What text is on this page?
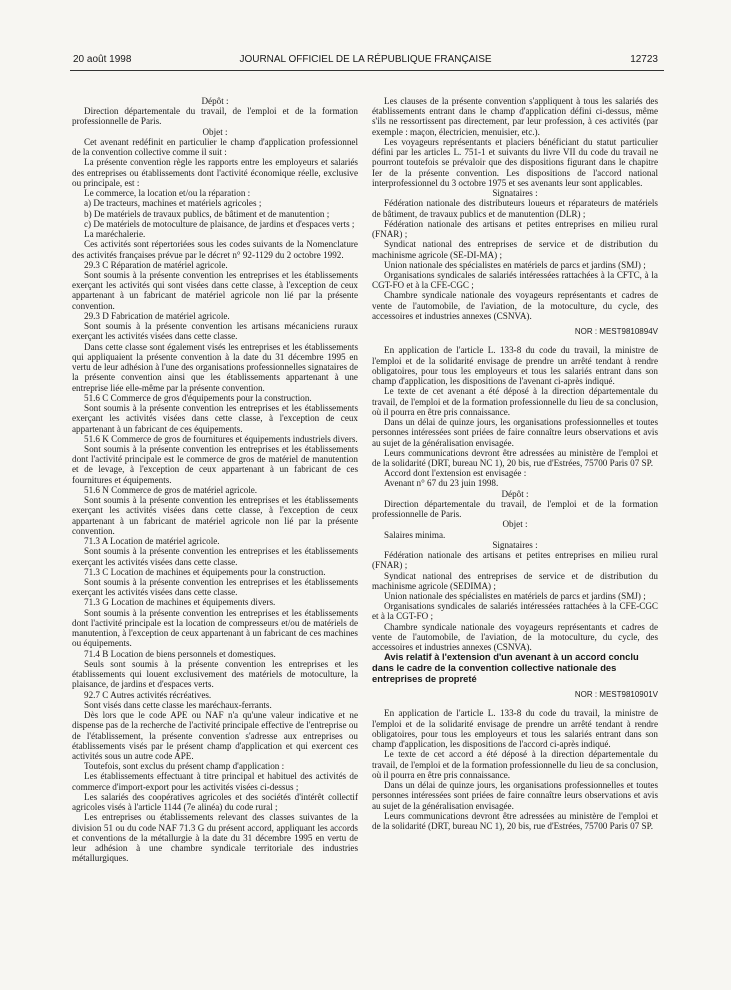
20 août 1998	JOURNAL OFFICIEL DE LA RÉPUBLIQUE FRANÇAISE	12723

Dépôt :

Direction départementale du travail, de l'emploi et de la formation professionnelle de Paris.

Objet :

Cet avenant redéfinit en particulier le champ d'application professionnel de la convention collective comme il suit :

La présente convention règle les rapports entre les employeurs et salariés des entreprises ou établissements dont l'activité économique réelle, exclusive ou principale, est :

Le commerce, la location et/ou la réparation :

a) De tracteurs, machines et matériels agricoles ;

b) De matériels de travaux publics, de bâtiment et de manutention ;

c) De matériels de motoculture de plaisance, de jardins et d'espaces verts ;

La maréchalerie.

Ces activités sont répertoriées sous les codes suivants de la Nomenclature des activités françaises prévue par le décret n° 92-1129 du 2 octobre 1992.

29.3 C Réparation de matériel agricole.

Sont soumis à la présente convention les entreprises et les établissements exerçant les activités qui sont visées dans cette classe, à l'exception de ceux appartenant à un fabricant de matériel agricole non lié par la présente convention.

29.3 D Fabrication de matériel agricole.

Sont soumis à la présente convention les artisans mécaniciens ruraux exerçant les activités visées dans cette classe.

Dans cette classe sont également visés les entreprises et les établissements qui appliquaient la présente convention à la date du 31 décembre 1995 en vertu de leur adhésion à l'une des organisations professionnelles signataires de la présente convention ainsi que les établissements appartenant à une entreprise liée elle-même par la présente convention.

51.6 C Commerce de gros d'équipements pour la construction.

Sont soumis à la présente convention les entreprises et les établissements exerçant les activités visées dans cette classe, à l'exception de ceux appartenant à un fabricant de ces équipements.

51.6 K Commerce de gros de fournitures et équipements industriels divers.

Sont soumis à la présente convention les entreprises et les établissements dont l'activité principale est le commerce de gros de matériel de manutention et de levage, à l'exception de ceux appartenant à un fabricant de ces fournitures et équipements.

51.6 N Commerce de gros de matériel agricole.

Sont soumis à la présente convention les entreprises et les établissements exerçant les activités visées dans cette classe, à l'exception de ceux appartenant à un fabricant de matériel agricole non lié par la présente convention.

71.3 A Location de matériel agricole.

Sont soumis à la présente convention les entreprises et les établissements exerçant les activités visées dans cette classe.

71.3 C Location de machines et équipements pour la construction.

Sont soumis à la présente convention les entreprises et les établissements exerçant les activités visées dans cette classe.

71.3 G Location de machines et équipements divers.

Sont soumis à la présente convention les entreprises et les établissements dont l'activité principale est la location de compresseurs et/ou de matériels de manutention, à l'exception de ceux appartenant à un fabricant de ces machines ou équipements.

71.4 B Location de biens personnels et domestiques.

Seuls sont soumis à la présente convention les entreprises et les établissements qui louent exclusivement des matériels de motoculture, la plaisance, de jardins et d'espaces verts.

92.7 C Autres activités récréatives.

Sont visés dans cette classe les maréchaux-ferrants.

Dès lors que le code APE ou NAF n'a qu'une valeur indicative et ne dispense pas de la recherche de l'activité principale effective de l'entreprise ou de l'établissement, la présente convention s'adresse aux entreprises ou établissements visés par le présent champ d'application et qui exercent ces activités sous un autre code APE.

Toutefois, sont exclus du présent champ d'application :

Les établissements effectuant à titre principal et habituel des activités de commerce d'import-export pour les activités visées ci-dessus ;

Les salariés des coopératives agricoles et des sociétés d'intérêt collectif agricoles visés à l'article 1144 (7e alinéa) du code rural ;

Les entreprises ou établissements relevant des classes suivantes de la division 51 ou du code NAF 71.3 G du présent accord, appliquant les accords et conventions de la métallurgie à la date du 31 décembre 1995 en vertu de leur adhésion à une chambre syndicale territoriale des industries métallurgiques.

Les clauses de la présente convention s'appliquent à tous les salariés des établissements entrant dans le champ d'application défini ci-dessus, même s'ils ne ressortissent pas directement, par leur profession, à ces activités (par exemple : maçon, électricien, menuisier, etc.).

Les voyageurs représentants et placiers bénéficiant du statut particulier défini par les articles L. 751-1 et suivants du livre VII du code du travail ne pourront toutefois se prévaloir que des dispositions figurant dans le chapitre Ier de la présente convention. Les dispositions de l'accord national interprofessionnel du 3 octobre 1975 et ses avenants leur sont applicables.

Signataires :

Fédération nationale des distributeurs loueurs et réparateurs de matériels de bâtiment, de travaux publics et de manutention (DLR) ;

Fédération nationale des artisans et petites entreprises en milieu rural (FNAR) ;

Syndicat national des entreprises de service et de distribution du machinisme agricole (SE-DI-MA) ;

Union nationale des spécialistes en matériels de parcs et jardins (SMJ) ;

Organisations syndicales de salariés intéressées rattachées à la CFTC, à la CGT-FO et à la CFE-CGC ;

Chambre syndicale nationale des voyageurs représentants et cadres de vente de l'automobile, de l'aviation, de la motoculture, du cycle, des accessoires et industries annexes (CSNVA).

NOR : MEST9810894V

En application de l'article L. 133-8 du code du travail, la ministre de l'emploi et de la solidarité envisage de prendre un arrêté tendant à rendre obligatoires, pour tous les employeurs et tous les salariés entrant dans son champ d'application, les dispositions de l'avenant ci-après indiqué.

Le texte de cet avenant a été déposé à la direction départementale du travail, de l'emploi et de la formation professionnelle du lieu de sa conclusion, où il pourra en être pris connaissance.

Dans un délai de quinze jours, les organisations professionnelles et toutes personnes intéressées sont priées de faire connaître leurs observations et avis au sujet de la généralisation envisagée.

Leurs communications devront être adressées au ministère de l'emploi et de la solidarité (DRT, bureau NC 1), 20 bis, rue d'Estrées, 75700 Paris 07 SP.

Accord dont l'extension est envisagée :

Avenant n° 67 du 23 juin 1998.

Dépôt :

Direction départementale du travail, de l'emploi et de la formation professionnelle de Paris.

Objet :

Salaires minima.

Signataires :

Fédération nationale des artisans et petites entreprises en milieu rural (FNAR) ;

Syndicat national des entreprises de service et de distribution du machinisme agricole (SEDIMA) ;

Union nationale des spécialistes en matériels de parcs et jardins (SMJ) ;

Organisations syndicales de salariés intéressées rattachées à la CFE-CGC et à la CGT-FO ;

Chambre syndicale nationale des voyageurs représentants et cadres de vente de l'automobile, de l'aviation, de la motoculture, du cycle, des accessoires et industries annexes (CSNVA).

Avis relatif à l'extension d'un avenant à un accord conclu dans le cadre de la convention collective nationale des entreprises de propreté

NOR : MEST9810901V

En application de l'article L. 133-8 du code du travail, la ministre de l'emploi et de la solidarité envisage de prendre un arrêté tendant à rendre obligatoires, pour tous les employeurs et tous les salariés entrant dans son champ d'application, les dispositions de l'accord ci-après indiqué.

Le texte de cet accord a été déposé à la direction départementale du travail, de l'emploi et de la formation professionnelle du lieu de sa conclusion, où il pourra en être pris connaissance.

Dans un délai de quinze jours, les organisations professionnelles et toutes personnes intéressées sont priées de faire connaître leurs observations et avis au sujet de la généralisation envisagée.

Leurs communications devront être adressées au ministère de l'emploi et de la solidarité (DRT, bureau NC 1), 20 bis, rue d'Estrées, 75700 Paris 07 SP.
